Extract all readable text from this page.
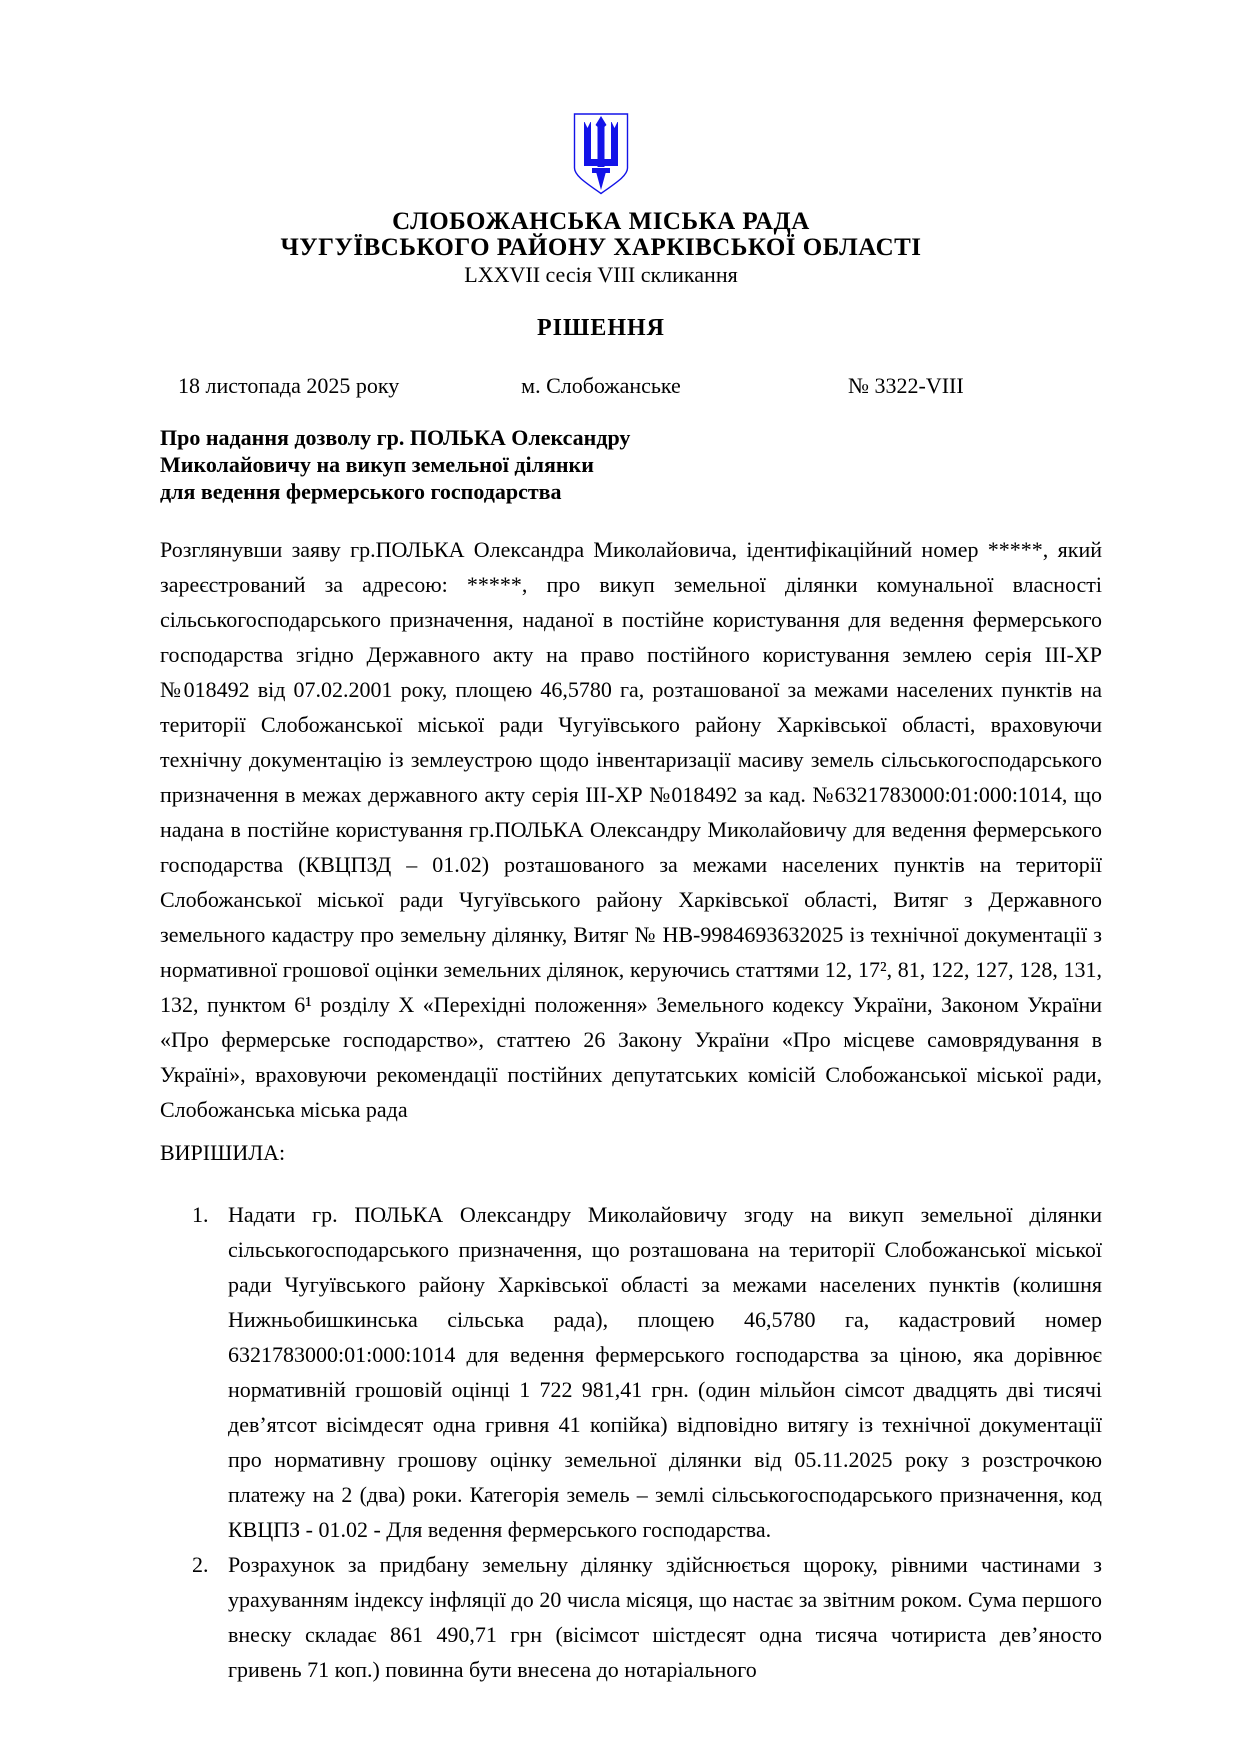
СЛОБОЖАНСЬКА МІСЬКА РАДА
ЧУГУЇВСЬКОГО РАЙОНУ ХАРКІВСЬКОЇ ОБЛАСТІ
LXXVII сесія VIII скликання
РІШЕННЯ
18 листопада 2025 року	м. Слобожанське	№ 3322-VIII
Про надання дозволу гр. ПОЛЬКА Олександру
Миколайовичу на викуп земельної ділянки
для ведення фермерського господарства
Розглянувши заяву гр.ПОЛЬКА Олександра Миколайовича, ідентифікаційний номер *****, який зареєстрований за адресою: *****, про викуп земельної ділянки комунальної власності сільськогосподарського призначення, наданої в постійне користування для ведення фермерського господарства згідно Державного акту на право постійного користування землею серія ІІІ-ХР №018492 від 07.02.2001 року, площею 46,5780 га, розташованої за межами населених пунктів на території Слобожанської міської ради Чугуївського району Харківської області, враховуючи технічну документацію із землеустрою щодо інвентаризації масиву земель сільськогосподарського призначення в межах державного акту серія ІІІ-ХР №018492 за кад. №6321783000:01:000:1014, що надана в постійне користування гр.ПОЛЬКА Олександру Миколайовичу для ведення фермерського господарства (КВЦПЗД – 01.02) розташованого за межами населених пунктів на території Слобожанської міської ради Чугуївського району Харківської області, Витяг з Державного земельного кадастру про земельну ділянку, Витяг № НВ-9984693632025 із технічної документації з нормативної грошової оцінки земельних ділянок, керуючись статтями 12, 17², 81, 122, 127, 128, 131, 132, пунктом 6¹ розділу X «Перехідні положення» Земельного кодексу України, Законом України «Про фермерське господарство», статтею 26 Закону України «Про місцеве самоврядування в Україні», враховуючи рекомендації постійних депутатських комісій Слобожанської міської ради, Слобожанська міська рада
ВИРІШИЛА:
1. Надати гр. ПОЛЬКА Олександру Миколайовичу згоду на викуп земельної ділянки сільськогосподарського призначення, що розташована на території Слобожанської міської ради Чугуївського району Харківської області за межами населених пунктів (колишня Нижньобишкинська сільська рада), площею 46,5780 га, кадастровий номер 6321783000:01:000:1014 для ведення фермерського господарства за ціною, яка дорівнює нормативній грошовій оцінці 1 722 981,41 грн. (один мільйон сімсот двадцять дві тисячі дев’ятсот вісімдесят одна гривня 41 копійка) відповідно витягу із технічної документації про нормативну грошову оцінку земельної ділянки від 05.11.2025 року з розстрочкою платежу на 2 (два) роки. Категорія земель – землі сільськогосподарського призначення, код КВЦПЗ - 01.02 - Для ведення фермерського господарства.
2. Розрахунок за придбану земельну ділянку здійснюється щороку, рівними частинами з урахуванням індексу інфляції до 20 числа місяця, що настає за звітним роком. Сума першого внеску складає 861 490,71 грн (вісімсот шістдесят одна тисяча чотириста дев’яносто гривень 71 коп.) повинна бути внесена до нотаріального
